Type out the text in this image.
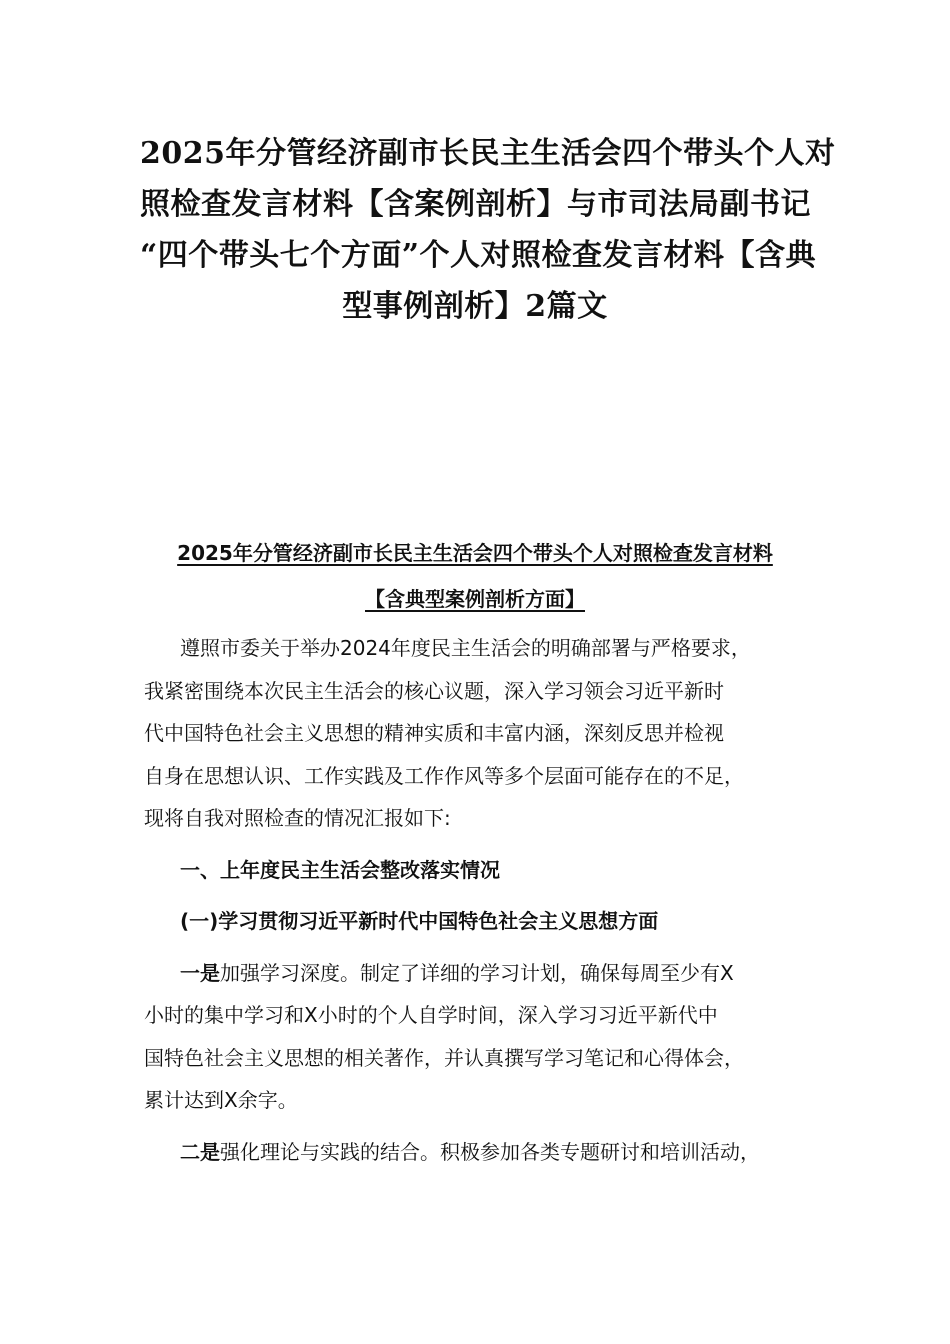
2025年分管经济副市长民主生活会四个带头个人对
照检查发言材料【含案例剖析】与市司法局副书记
“四个带头七个方面”个人对照检查发言材料【含典
型事例剖析】2篇文
2025年分管经济副市长民主生活会四个带头个人对照检查发言材料
【含典型案例剖析方面】
遵照市委关于举办2024年度民主生活会的明确部署与严格要求，
我紧密围绕本次民主生活会的核心议题，深入学习领会习近平新时
代中国特色社会主义思想的精神实质和丰富内涵，深刻反思并检视
自身在思想认识、工作实践及工作作风等多个层面可能存在的不足，
现将自我对照检查的情况汇报如下:
一、上年度民主生活会整改落实情况
(一)学习贯彻习近平新时代中国特色社会主义思想方面
一是加强学习深度。制定了详细的学习计划，确保每周至少有X
小时的集中学习和X小时的个人自学时间，深入学习习近平新代中
国特色社会主义思想的相关著作，并认真撰写学习笔记和心得体会，
累计达到X余字。
二是强化理论与实践的结合。积极参加各类专题研讨和培训活动，
